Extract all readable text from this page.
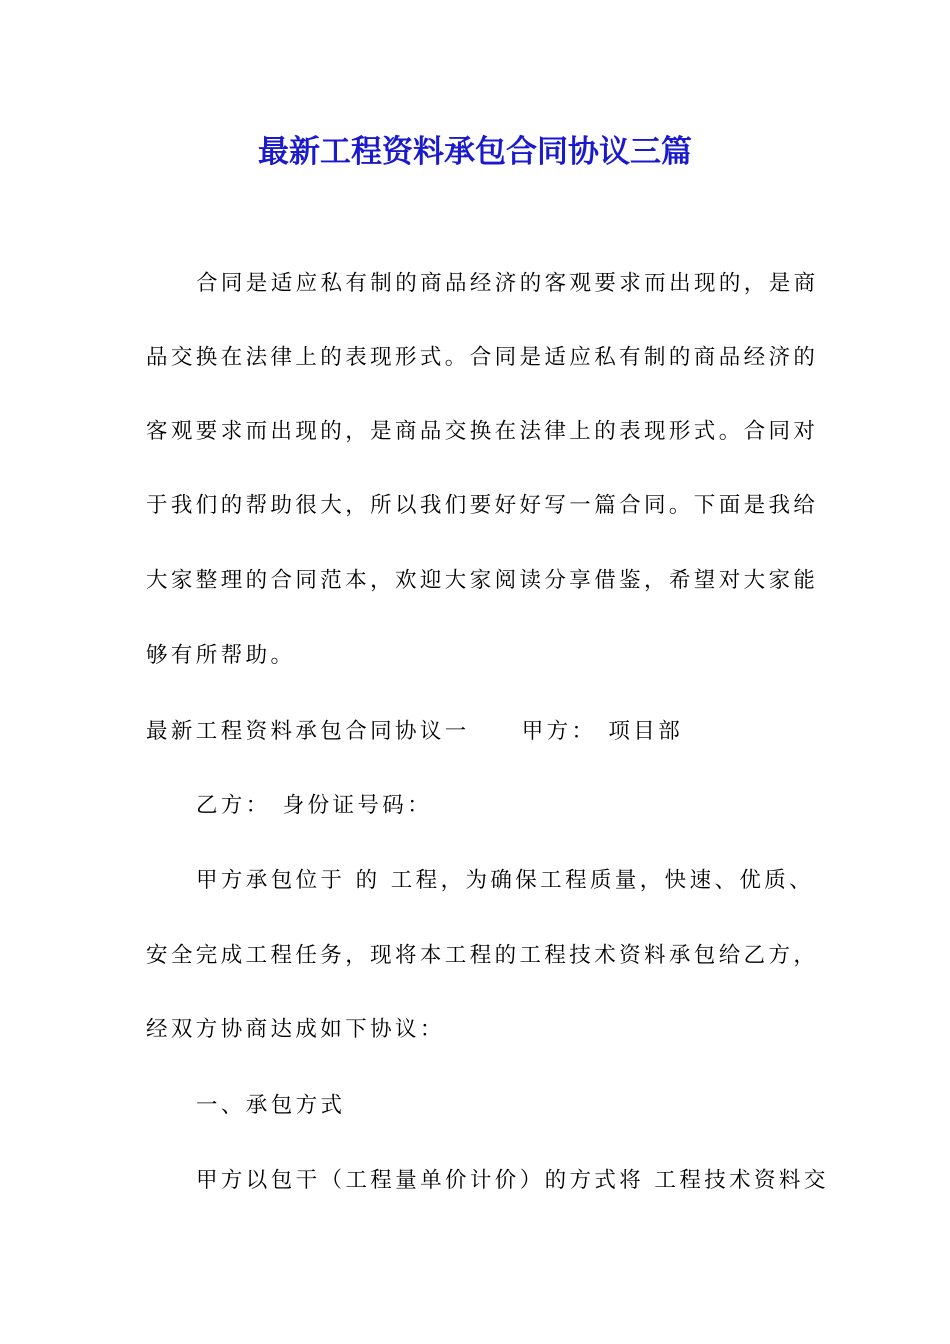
最新工程资料承包合同协议三篇
合同是适应私有制的商品经济的客观要求而出现的，是商
品交换在法律上的表现形式。合同是适应私有制的商品经济的
客观要求而出现的，是商品交换在法律上的表现形式。合同对
于我们的帮助很大，所以我们要好好写一篇合同。下面是我给
大家整理的合同范本，欢迎大家阅读分享借鉴，希望对大家能
够有所帮助。
最新工程资料承包合同协议一 甲方： 项目部
乙方： 身份证号码：
甲方承包位于 的 工程，为确保工程质量，快速、优质、
安全完成工程任务，现将本工程的工程技术资料承包给乙方，
经双方协商达成如下协议：
一、承包方式
甲方以包干（工程量单价计价）的方式将 工程技术资料交
